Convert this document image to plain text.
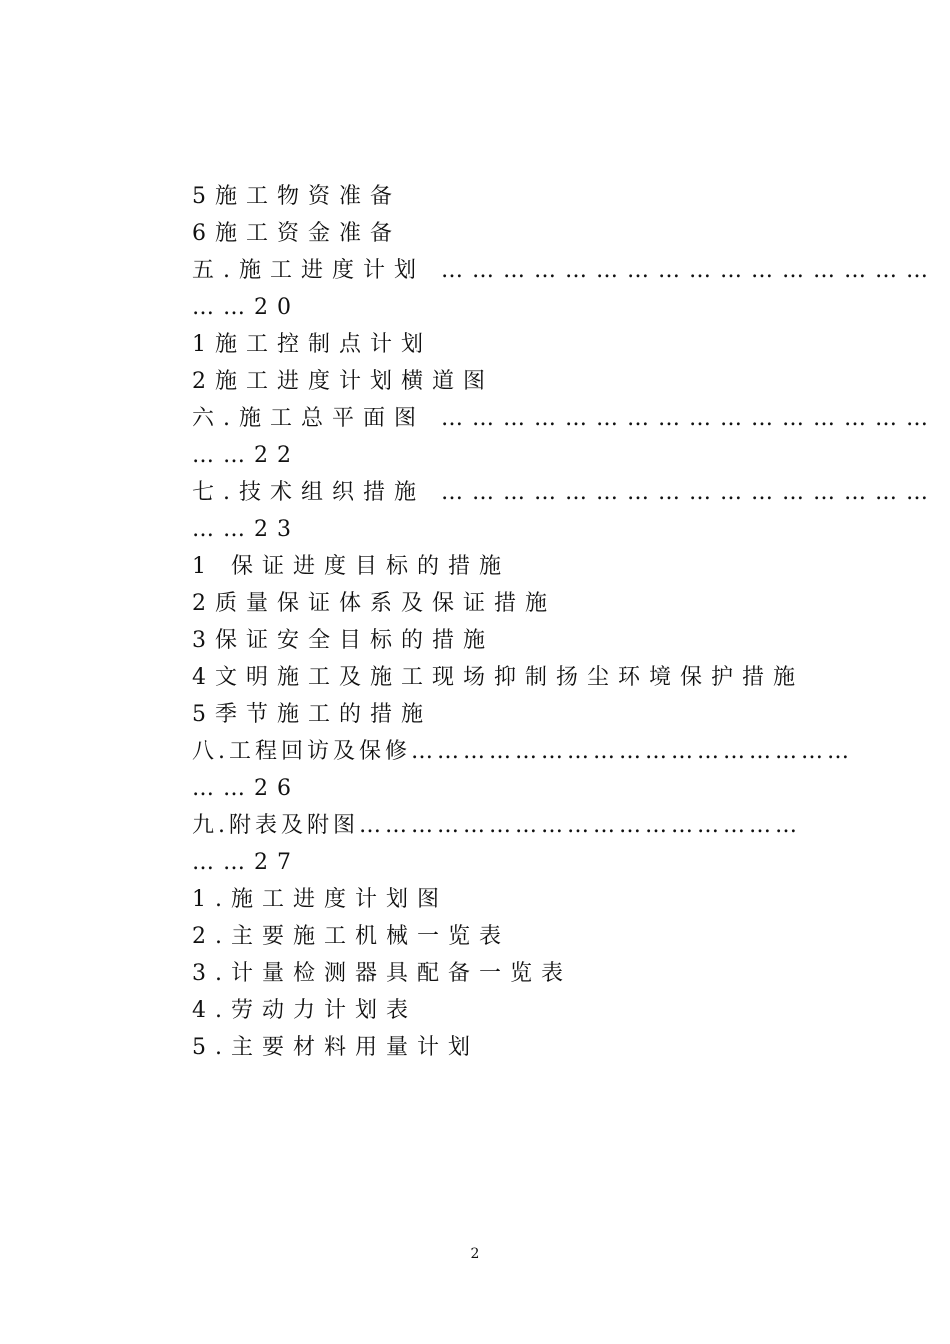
5施工物资准备
6施工资金准备
五.施工进度计划 …………………………………………
……20
1施工控制点计划
2施工进度计划横道图
六.施工总平面图 …………………………………………
……22
七.技术组织措施 …………………………………………
……23
1 保证进度目标的措施
2质量保证体系及保证措施
3保证安全目标的措施
4文明施工及施工现场抑制扬尘环境保护措施
5季节施工的措施
八.工程回访及保修……………………………………………
……26
九.附表及附图……………………………………………
……27
1.施工进度计划图
2.主要施工机械一览表
3.计量检测器具配备一览表
4.劳动力计划表
5.主要材料用量计划
2
